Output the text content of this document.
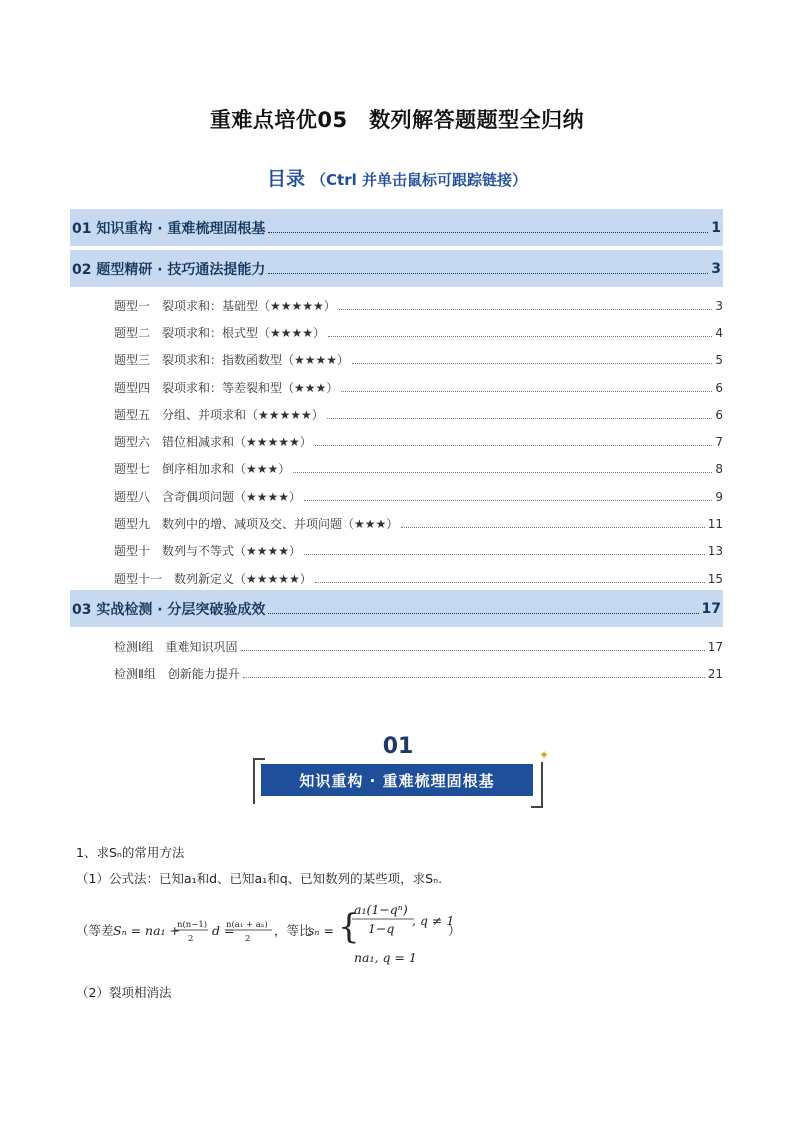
重难点培优05　数列解答题题型全归纳
目录 （Ctrl 并单击鼠标可跟踪链接）
01 知识重构 · 重难梳理固根基	1
02 题型精研 · 技巧通法提能力	3
题型一　裂项求和：基础型（★★★★★）	3
题型二　裂项求和：根式型（★★★★）	4
题型三　裂项求和：指数函数型（★★★★）	5
题型四　裂项求和：等差裂和型（★★★）	6
题型五　分组、并项求和（★★★★★）	6
题型六　错位相减求和（★★★★★）	7
题型七　倒序相加求和（★★★）	8
题型八　含奇偶项问题（★★★★）	9
题型九　数列中的增、减项及交、并项问题（★★★）	11
题型十　数列与不等式（★★★★）	13
题型十一　数列新定义（★★★★★）	15
03 实战检测 · 分层突破验成效	17
检测Ⅰ组　重难知识巩固	17
检测Ⅱ组　创新能力提升	21
01
知识重构 · 重难梳理固根基
✦
1、求Sₙ的常用方法
（1）公式法：已知a₁和d、已知a₁和q、已知数列的某些项，求Sₙ.
（等差 Sₙ = na₁ +
n(n−1)
2
d =
n(a₁ + aₙ)
2
，等比
sₙ = {
a₁(1−qⁿ)
1−q
, q ≠ 1
na₁, q = 1
）
（2）裂项相消法
